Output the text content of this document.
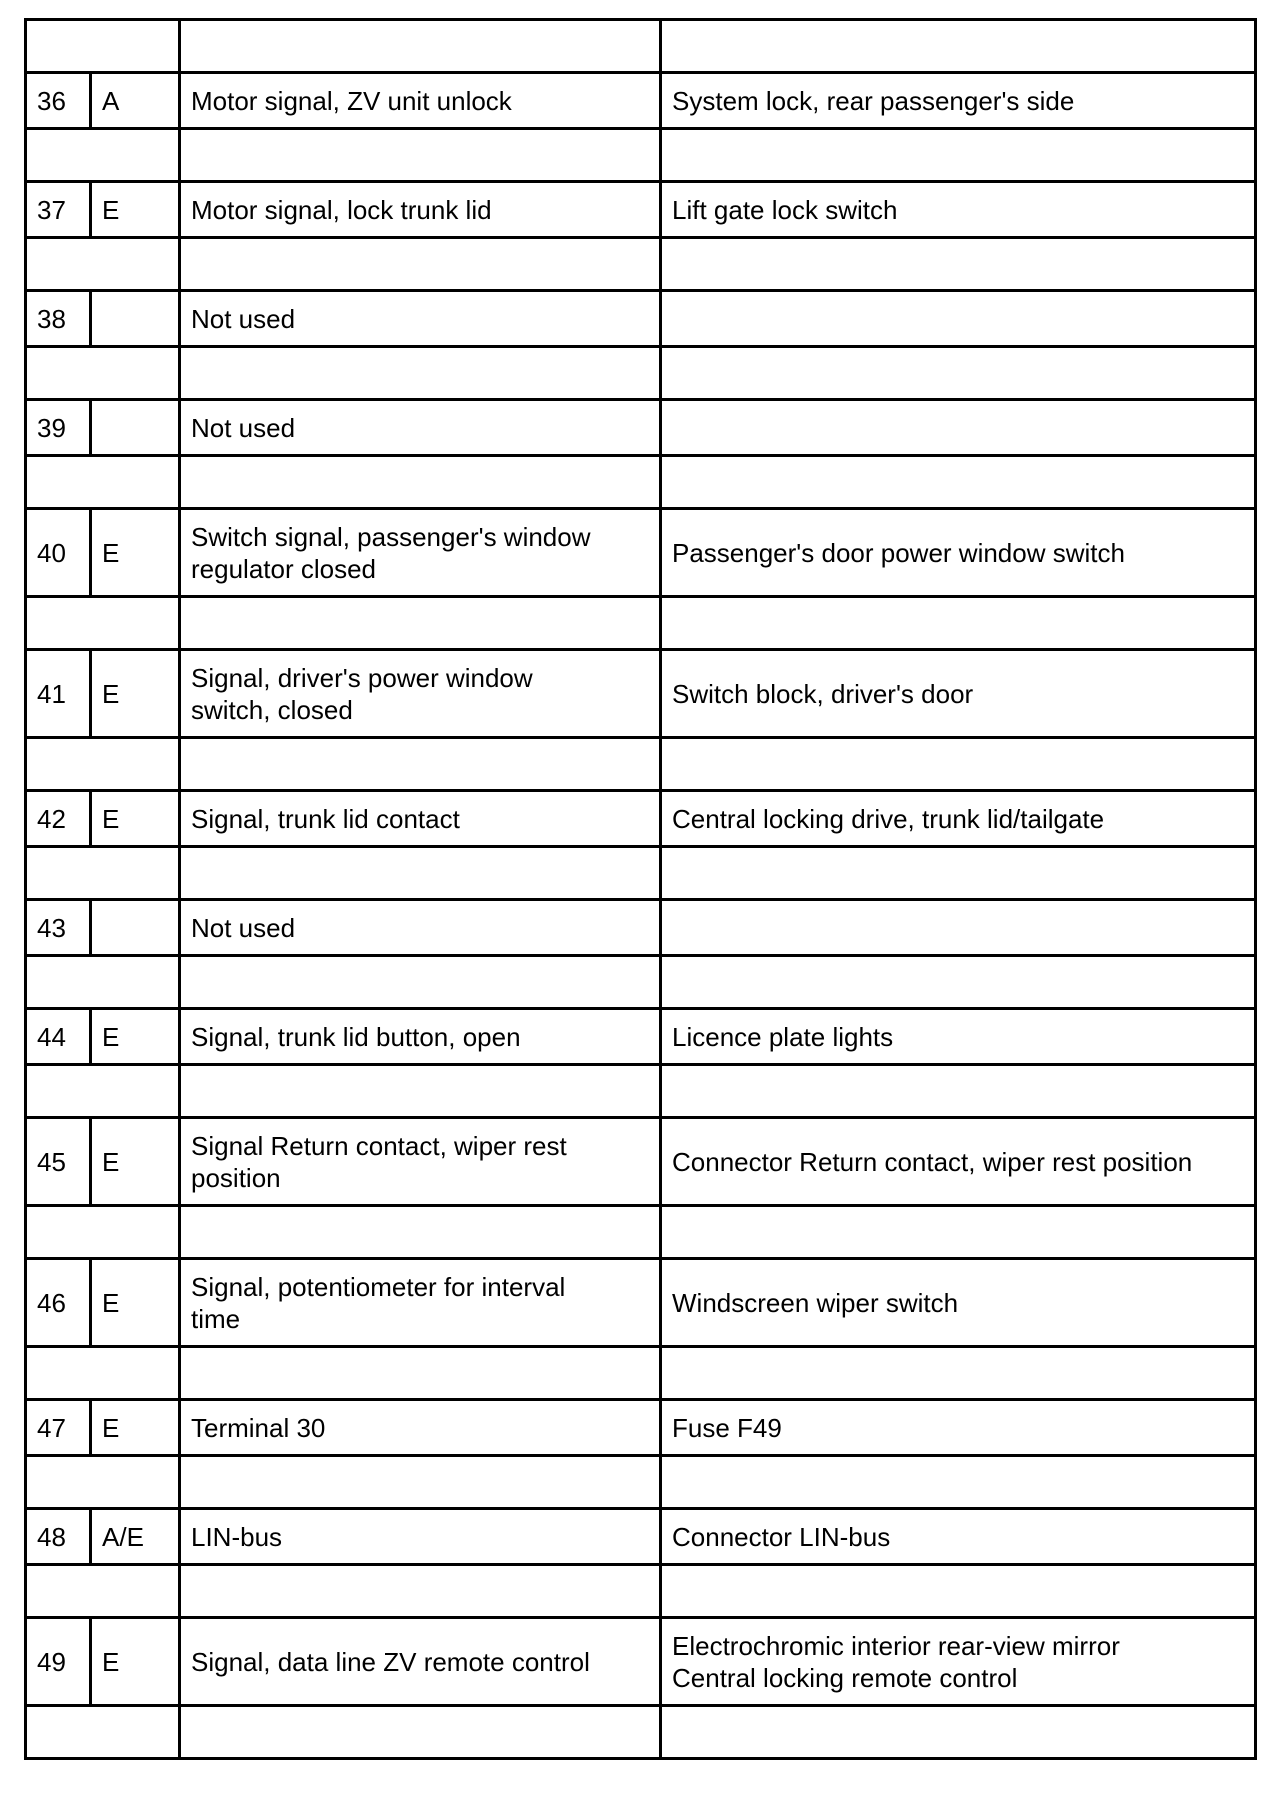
36	A	Motor signal, ZV unit unlock	System lock, rear passenger's side

37	E	Motor signal, lock trunk lid	Lift gate lock switch

38		Not used	

39		Not used	

40	E	Switch signal, passenger's window
regulator closed	Passenger's door power window switch

41	E	Signal, driver's power window
switch, closed	Switch block, driver's door

42	E	Signal, trunk lid contact	Central locking drive, trunk lid/tailgate

43		Not used	

44	E	Signal, trunk lid button, open	Licence plate lights

45	E	Signal Return contact, wiper rest
position	Connector Return contact, wiper rest position

46	E	Signal, potentiometer for interval
time	Windscreen wiper switch

47	E	Terminal 30	Fuse F49

48	A/E	LIN-bus	Connector LIN-bus

49	E	Signal, data line ZV remote control	Electrochromic interior rear-view mirror
Central locking remote control
